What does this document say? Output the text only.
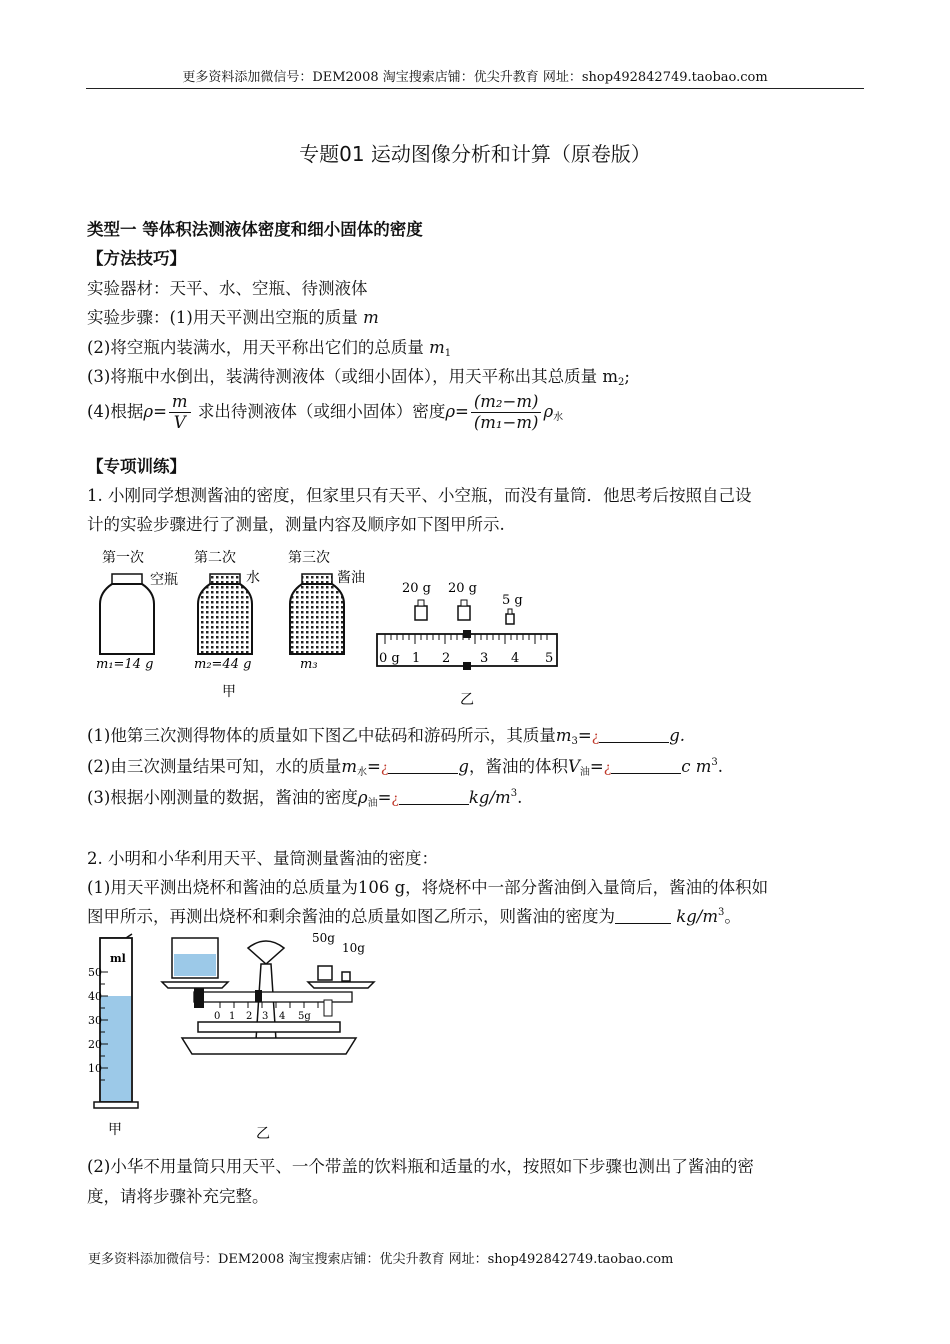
更多资料添加微信号：DEM2008 淘宝搜索店铺：优尖升教育 网址：shop492842749.taobao.com
专题01 运动图像分析和计算（原卷版）
类型一 等体积法测液体密度和细小固体的密度
【方法技巧】
实验器材：天平、水、空瓶、待测液体
实验步骤：(1)用天平测出空瓶的质量 m
(2)将空瓶内装满水，用天平称出它们的总质量 $m_1$
(3)将瓶中水倒出，装满待测液体（或细小固体），用天平称出其总质量 $m_2$;
(4)根据$\rho= \frac{m}{V}$ 求出待测液体（或细小固体）密度$\rho= \frac{\text{(m₂−m)}}{\text{(m₁−m)}} \rho_水$
【专项训练】
1. 小刚同学想测酱油的密度，但家里只有天平、小空瓶，而没有量筒．他思考后按照自己设
计的实验步骤进行了测量，测量内容及顺序如下图甲所示.
第一次	第二次	第三次
空瓶	水	酱油
m₁=14 g	m₂=44 g	m₃
甲
20 g 20 g
5 g
0 g 1 2 3 4 5
乙
(1)他第三次测得物体的质量如下图乙中砝码和游码所示，其质量$m_3=¿$	g.
(2)由三次测量结果可知，水的质量$m_水=¿$	g，酱油的体积$V_油=¿$	c $m^3$.
(3)根据小刚测量的数据，酱油的密度$\rho_油=¿$	$kg/m^3$.
2. 小明和小华利用天平、量筒测量酱油的密度：
(1)用天平测出烧杯和酱油的总质量为106 g，将烧杯中一部分酱油倒入量筒后，酱油的体积如
图甲所示，再测出烧杯和剩余酱油的总质量如图乙所示，则酱油的密度为	$kg/m^3$。
ml
50
40
30
20
10
甲
0 1 2 3 4 5g
50g
10g
乙
(2)小华不用量筒只用天平、一个带盖的饮料瓶和适量的水，按照如下步骤也测出了酱油的密
度，请将步骤补充完整。
更多资料添加微信号：DEM2008 淘宝搜索店铺：优尖升教育 网址：shop492842749.taobao.com
